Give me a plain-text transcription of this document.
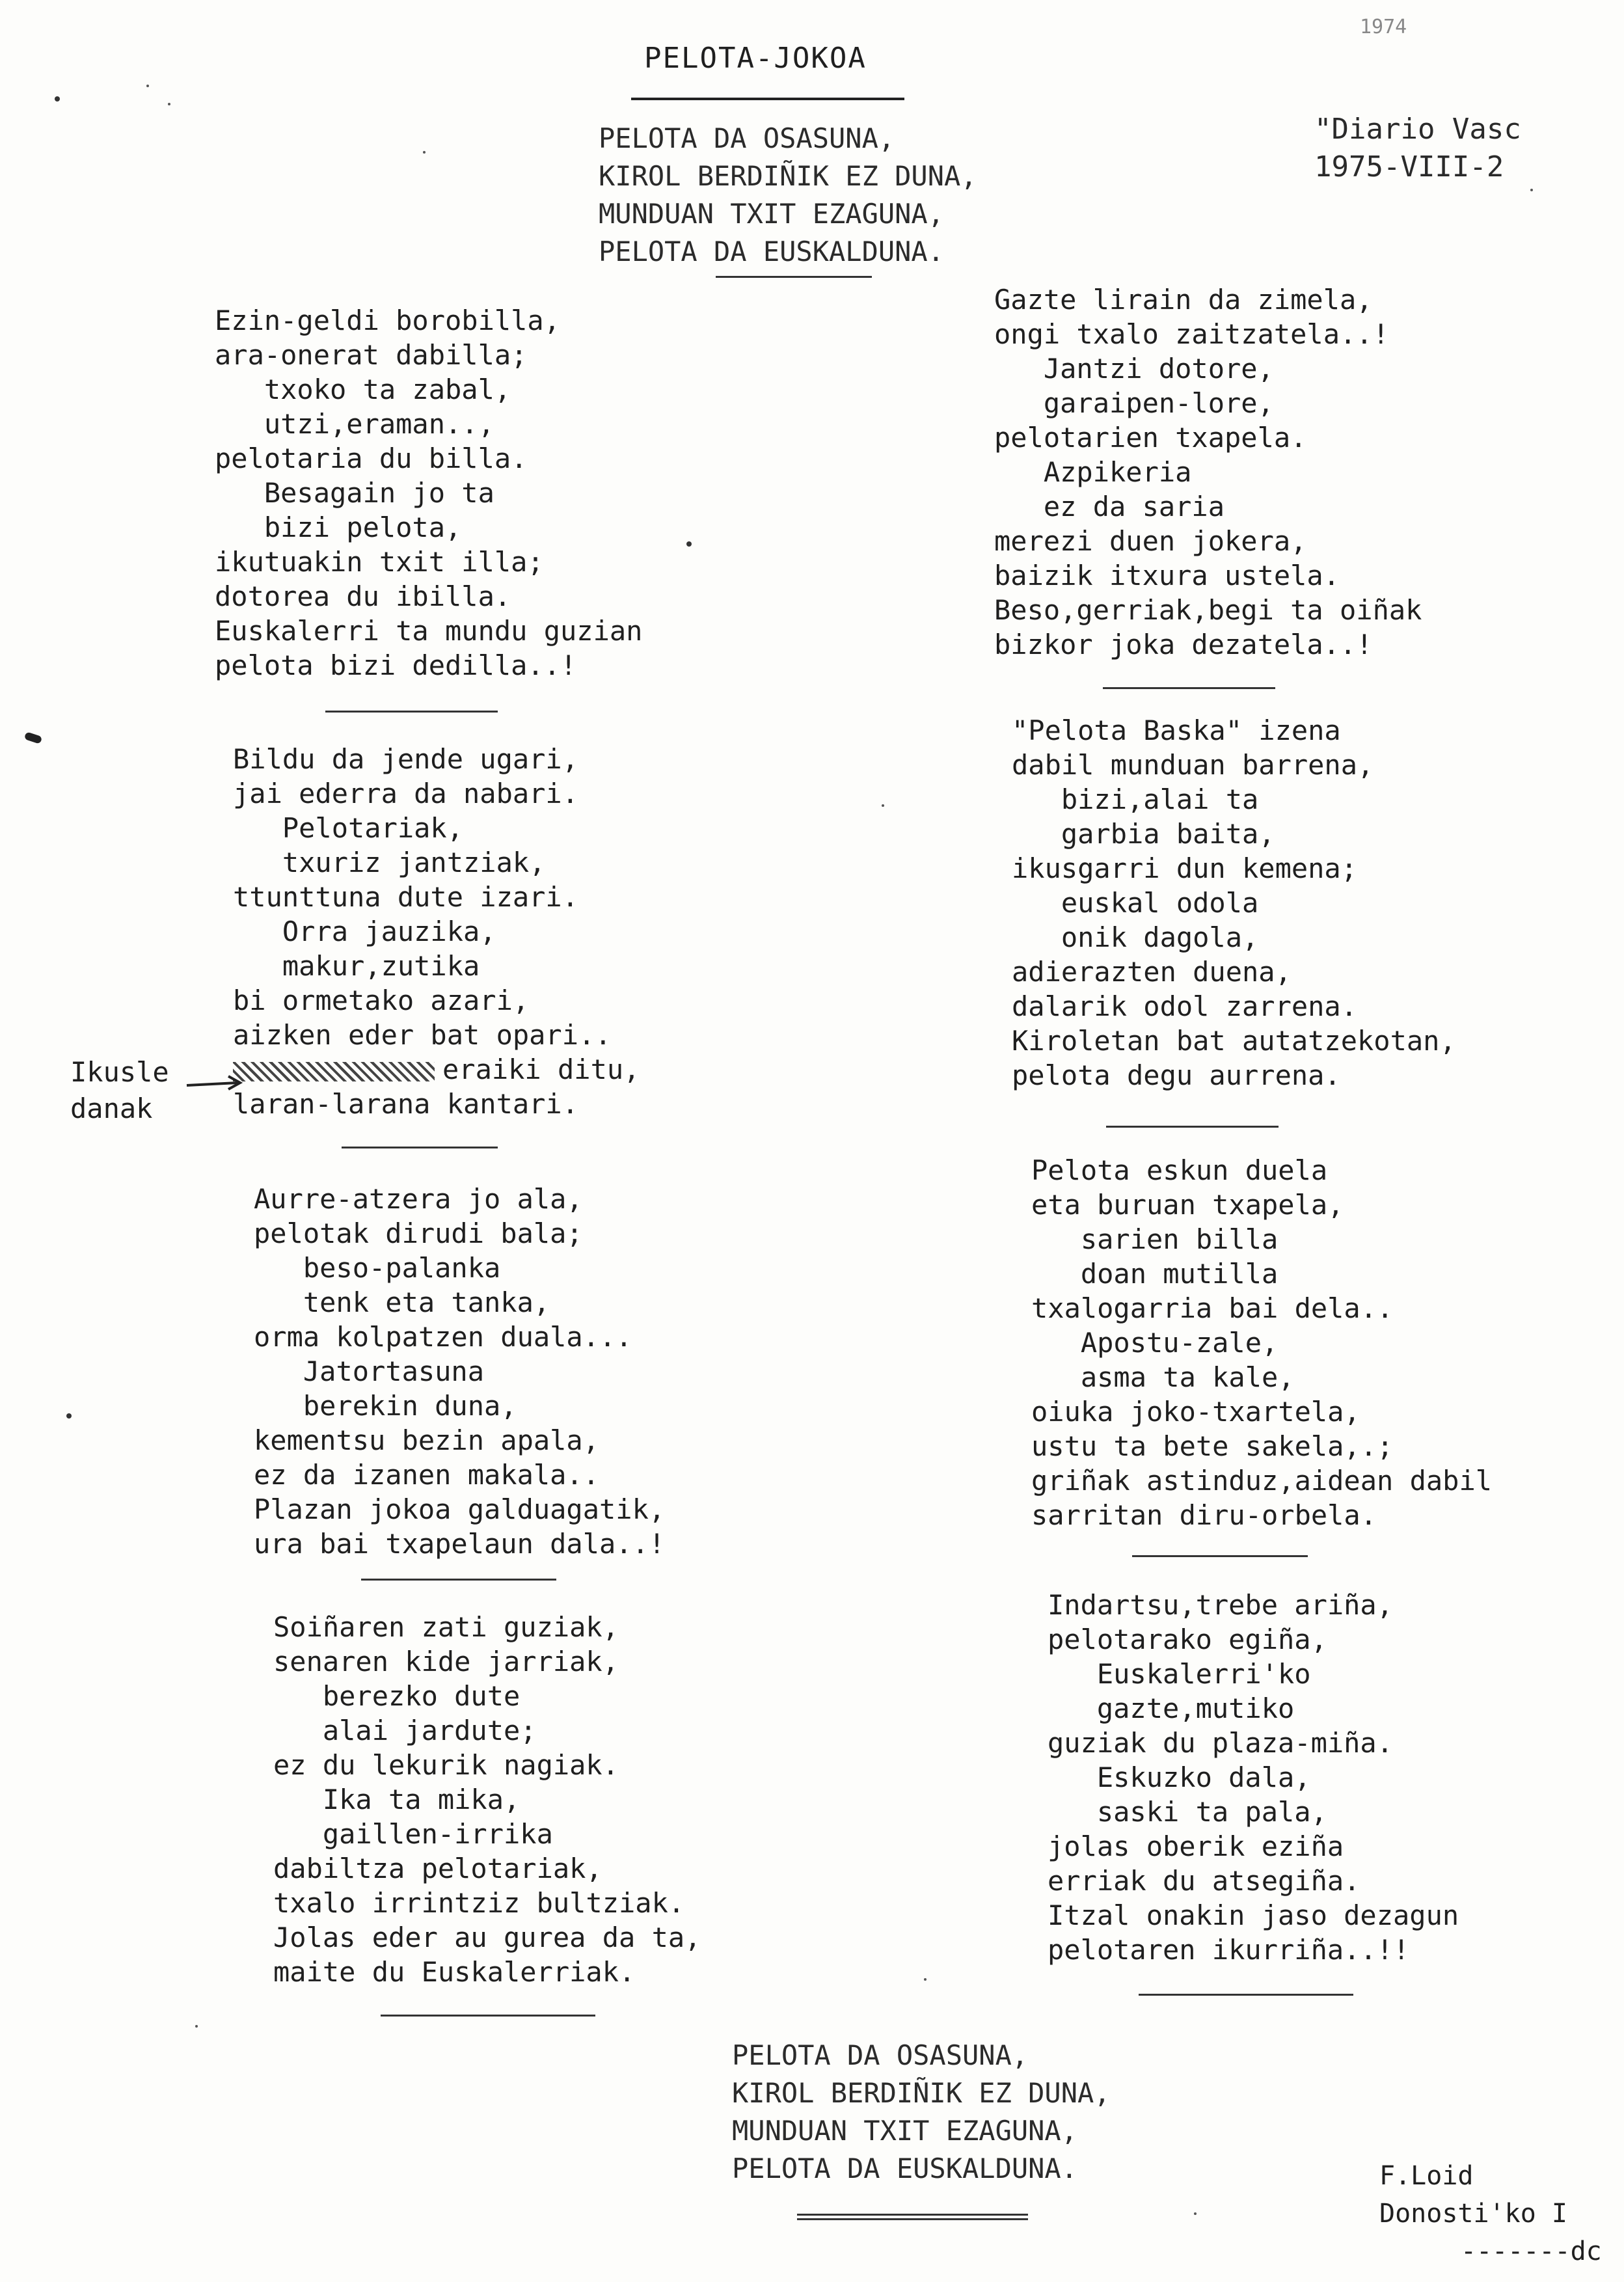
PELOTA-JOKOA
1974
"Diario Vasc
1975-VIII-2
PELOTA DA OSASUNA,
KIROL BERDIÑIK EZ DUNA,
MUNDUAN TXIT EZAGUNA,
PELOTA DA EUSKALDUNA.
Ezin-geldi borobilla,
ara-onerat dabilla;
txoko ta zabal,
utzi,eraman..,
pelotaria du billa.
Besagain jo ta
bizi pelota,
ikutuakin txit illa;
dotorea du ibilla.
Euskalerri ta mundu guzian
pelota bizi dedilla..!
Bildu da jende ugari,
jai ederra da nabari.
Pelotariak,
txuriz jantziak,
ttunttuna dute izari.
Orra jauzika,
makur,zutika
bi ormetako azari,
aizken eder bat opari..
eraiki ditu,
laran-larana kantari.
Ikusle
danak
Aurre-atzera jo ala,
pelotak dirudi bala;
beso-palanka
tenk eta tanka,
orma kolpatzen duala...
Jatortasuna
berekin duna,
kementsu bezin apala,
ez da izanen makala..
Plazan jokoa galduagatik,
ura bai txapelaun dala..!
Soiñaren zati guziak,
senaren kide jarriak,
berezko dute
alai jardute;
ez du lekurik nagiak.
Ika ta mika,
gaillen-irrika
dabiltza pelotariak,
txalo irrintziz bultziak.
Jolas eder au gurea da ta,
maite du Euskalerriak.
Gazte lirain da zimela,
ongi txalo zaitzatela..!
Jantzi dotore,
garaipen-lore,
pelotarien txapela.
Azpikeria
ez da saria
merezi duen jokera,
baizik itxura ustela.
Beso,gerriak,begi ta oiñak
bizkor joka dezatela..!
"Pelota Baska" izena
dabil munduan barrena,
bizi,alai ta
garbia baita,
ikusgarri dun kemena;
euskal odola
onik dagola,
adierazten duena,
dalarik odol zarrena.
Kiroletan bat autatzekotan,
pelota degu aurrena.
Pelota eskun duela
eta buruan txapela,
sarien billa
doan mutilla
txalogarria bai dela..
Apostu-zale,
asma ta kale,
oiuka joko-txartela,
ustu ta bete sakela,.;
griñak astinduz,aidean dabil
sarritan diru-orbela.
Indartsu,trebe ariña,
pelotarako egiña,
Euskalerri'ko
gazte,mutiko
guziak du plaza-miña.
Eskuzko dala,
saski ta pala,
jolas oberik eziña
erriak du atsegiña.
Itzal onakin jaso dezagun
pelotaren ikurriña..!!
PELOTA DA OSASUNA,
KIROL BERDIÑIK EZ DUNA,
MUNDUAN TXIT EZAGUNA,
PELOTA DA EUSKALDUNA.	F.Loid
Donosti'ko I
-------dc
